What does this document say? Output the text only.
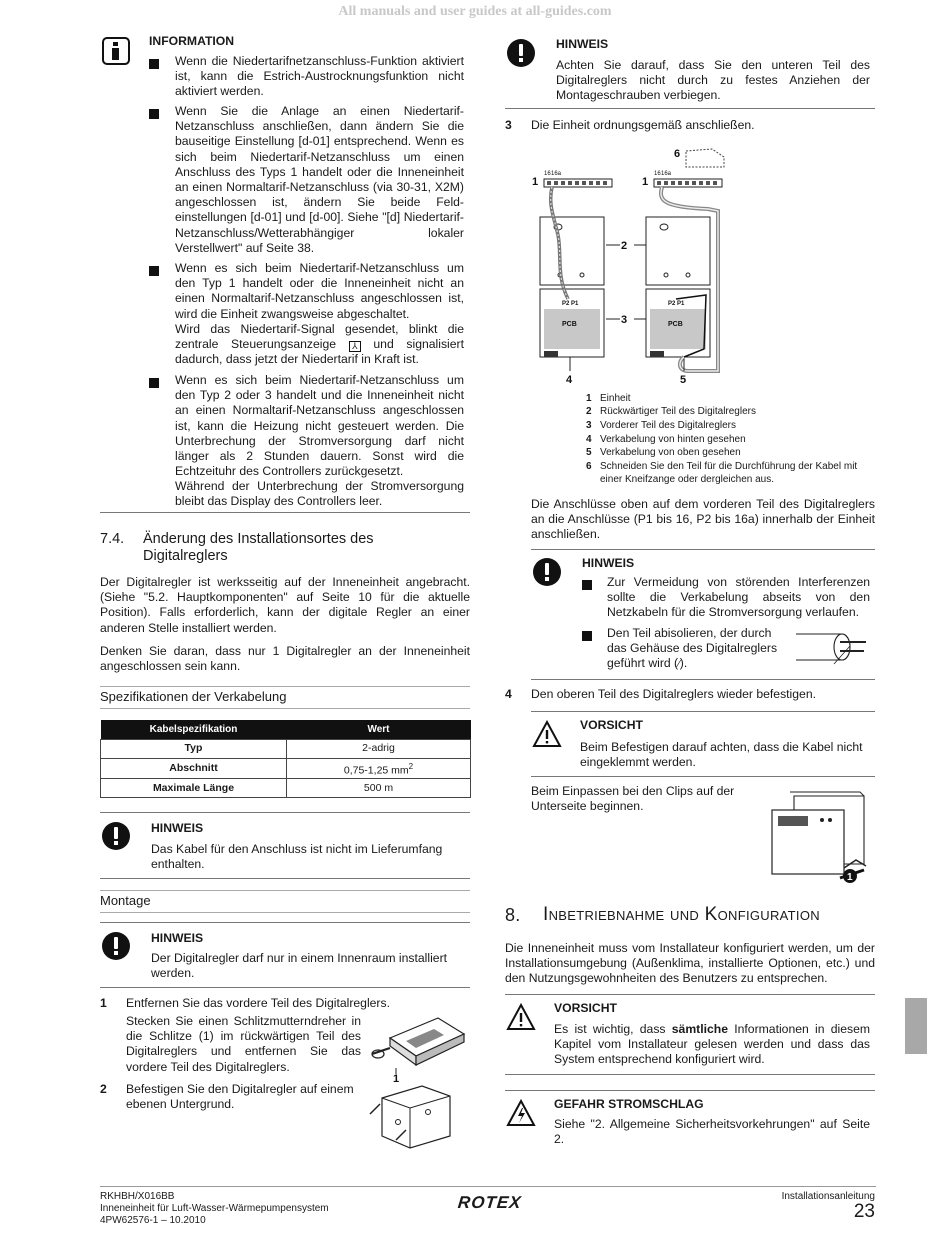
All manuals and user guides at all-guides.com
INFORMATION
Wenn die Niedertarifnetzanschluss-Funktion aktiviert ist, kann die Estrich-Austrocknungsfunktion nicht aktiviert werden.
Wenn Sie die Anlage an einen Niedertarif-Netzanschluss anschließen, dann ändern Sie die bauseitige Einstellung [d-01] entsprechend. Wenn es sich beim Niedertarif-Netzanschluss um einen Anschluss des Typs 1 handelt oder die Inneneinheit an einen Normaltarif-Netzanschluss (via 30-31, X2M) angeschlossen ist, ändern Sie beide Feld-einstellungen [d-01] und [d-00]. Siehe "[d] Niedertarif-Netzanschluss/Wetterabhängiger lokaler Verstellwert" auf Seite 38.
Wenn es sich beim Niedertarif-Netzanschluss um den Typ 1 handelt oder die Inneneinheit nicht an einen Normaltarif-Netzanschluss angeschlossen ist, wird die Einheit zwangsweise abgeschaltet.
Wird das Niedertarif-Signal gesendet, blinkt die zentrale Steuerungsanzeige ⅄ und signalisiert dadurch, dass jetzt der Niedertarif in Kraft ist.
Wenn es sich beim Niedertarif-Netzanschluss um den Typ 2 oder 3 handelt und die Inneneinheit nicht an einen Normaltarif-Netzanschluss angeschlossen ist, kann die Heizung nicht gesteuert werden. Die Unterbrechung der Stromversorgung darf nicht länger als 2 Stunden dauern. Sonst wird die Echtzeituhr des Controllers zurückgesetzt.
Während der Unterbrechung der Stromversorgung bleibt das Display des Controllers leer.
7.4. Änderung des Installationsortes des
Digitalreglers
Der Digitalregler ist werksseitig auf der Inneneinheit angebracht. (Siehe "5.2. Hauptkomponenten" auf Seite 10 für die aktuelle Position). Falls erforderlich, kann der digitale Regler an einer anderen Stelle installiert werden.
Denken Sie daran, dass nur 1 Digitalregler an der Inneneinheit angeschlossen sein kann.
Spezifikationen der Verkabelung
Kabelspezifikation	Wert
Typ	2-adrig
Abschnitt	0,75-1,25 $mm^2$
Maximale Länge	500 m
HINWEIS
Das Kabel für den Anschluss ist nicht im Lieferumfang enthalten.
Montage
HINWEIS
Der Digitalregler darf nur in einem Innenraum installiert werden.
1 Entfernen Sie das vordere Teil des Digitalreglers.
Stecken Sie einen Schlitzmutterndreher in die Schlitze (1) im rückwärtigen Teil des Digitalreglers und entfernen Sie das vordere Teil des Digitalreglers.
1
2 Befestigen Sie den Digitalregler auf einem ebenen Untergrund.
HINWEIS
Achten Sie darauf, dass Sie den unteren Teil des Digitalreglers nicht durch zu festes Anziehen der Montageschrauben verbiegen.
3 Die Einheit ordnungsgemäß anschließen.
16 16a	16 16a
6
1	1
PCB
P2 P1
PCB
P2 P1
2
3
4	5
1 Einheit
2 Rückwärtiger Teil des Digitalreglers
3 Vorderer Teil des Digitalreglers
4 Verkabelung von hinten gesehen
5 Verkabelung von oben gesehen
6 Schneiden Sie den Teil für die Durchführung der Kabel mit
einer Kneifzange oder dergleichen aus.
Die Anschlüsse oben auf dem vorderen Teil des Digitalreglers an die Anschlüsse (P1 bis 16, P2 bis 16a) innerhalb der Einheit anschließen.
HINWEIS
Zur Vermeidung von störenden Interferenzen sollte die Verkabelung abseits von den Netzkabeln für die Stromversorgung verlaufen.
Den Teil abisolieren, der durch das Gehäuse des Digitalreglers geführt wird (⁄).
4 Den oberen Teil des Digitalreglers wieder befestigen.
VORSICHT
Beim Befestigen darauf achten, dass die Kabel nicht eingeklemmt werden.
Beim Einpassen bei den Clips auf der Unterseite beginnen.
1
8. Inbetriebnahme und Konfiguration
Die Inneneinheit muss vom Installateur konfiguriert werden, um der Installationsumgebung (Außenklima, installierte Optionen, etc.) und den Nutzungsgewohnheiten des Benutzers zu entsprechen.
VORSICHT
Es ist wichtig, dass sämtliche Informationen in diesem Kapitel vom Installateur gelesen werden und dass das System entsprechend konfiguriert wird.
GEFAHR STROMSCHLAG
Siehe "2. Allgemeine Sicherheitsvorkehrungen" auf Seite 2.
RKHBH/X016BB
Inneneinheit für Luft-Wasser-Wärmepumpensystem
4PW62576-1 – 10.2010
ROTEX	Installationsanleitung
23
